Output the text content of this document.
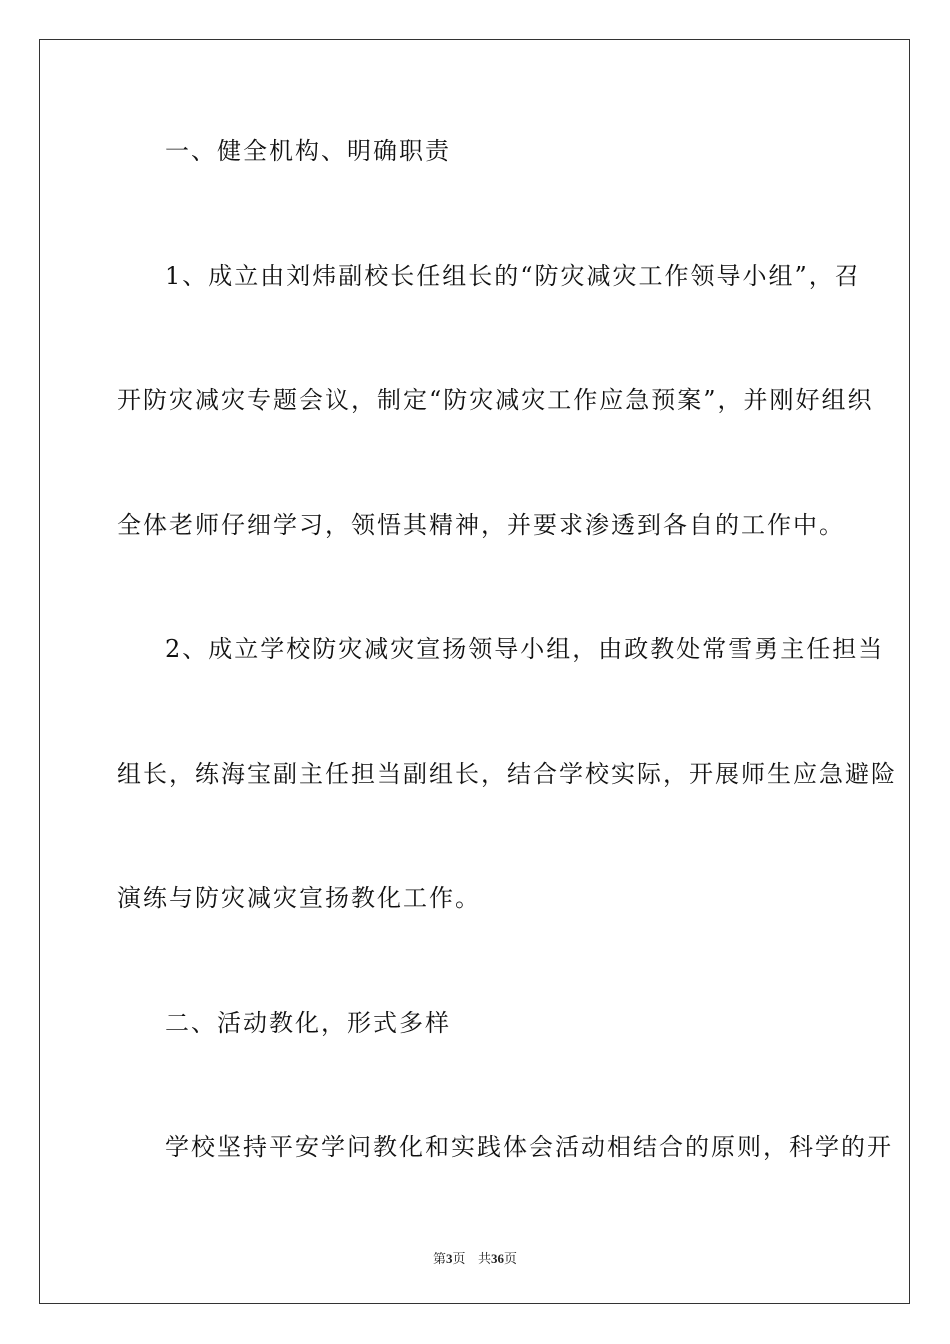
一、健全机构、明确职责
1、成立由刘炜副校长任组长的“防灾减灾工作领导小组”，召
开防灾减灾专题会议，制定“防灾减灾工作应急预案”，并刚好组织
全体老师仔细学习，领悟其精神，并要求渗透到各自的工作中。
2、成立学校防灾减灾宣扬领导小组，由政教处常雪勇主任担当
组长，练海宝副主任担当副组长，结合学校实际，开展师生应急避险
演练与防灾减灾宣扬教化工作。
二、活动教化，形式多样
学校坚持平安学问教化和实践体会活动相结合的原则，科学的开
第3页 共36页
